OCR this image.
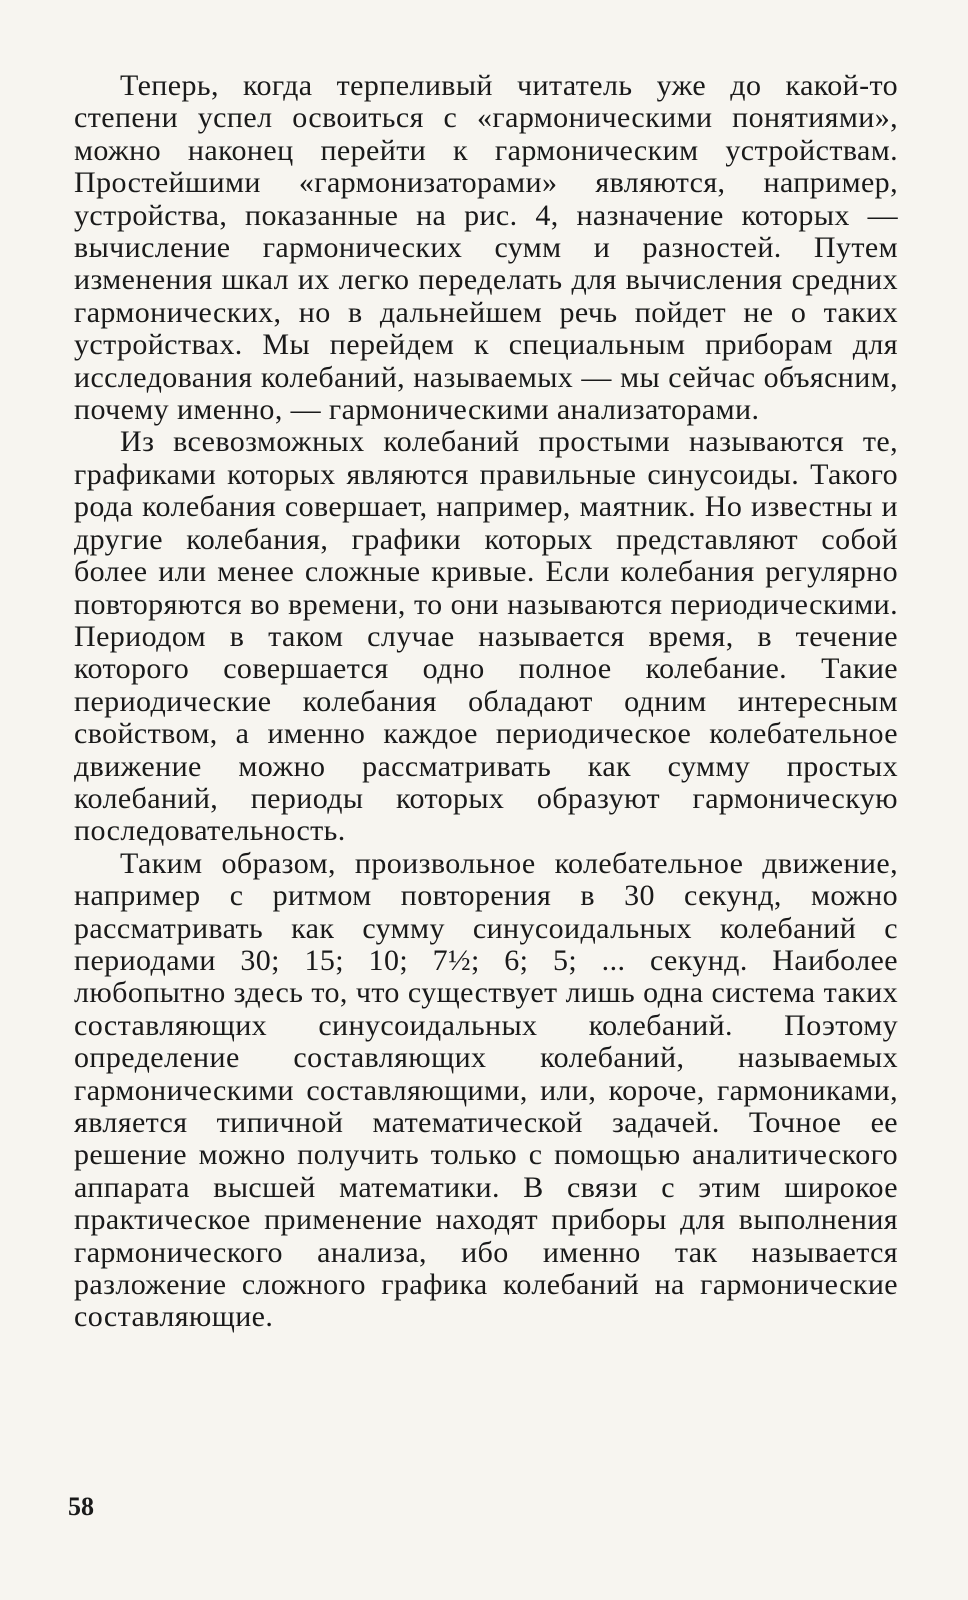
Теперь, когда терпеливый читатель уже до какой-то степени успел освоиться с «гармоническими понятиями», можно наконец перейти к гармоническим устройствам. Простейшими «гармонизаторами» являются, например, устройства, показанные на рис. 4, назначение которых — вычисление гармонических сумм и разностей. Путем изменения шкал их легко переделать для вычисления средних гармонических, но в дальнейшем речь пойдет не о таких устройствах. Мы перейдем к специальным приборам для исследования колебаний, называемых — мы сейчас объясним, почему именно, — гармоническими анализаторами.

Из всевозможных колебаний простыми называются те, графиками которых являются правильные синусоиды. Такого рода колебания совершает, например, маятник. Но известны и другие колебания, графики которых представляют собой более или менее сложные кривые. Если колебания регулярно повторяются во времени, то они называются периодическими. Периодом в таком случае называется время, в течение которого совершается одно полное колебание. Такие периодические колебания обладают одним интересным свойством, а именно каждое периодическое колебательное движение можно рассматривать как сумму простых колебаний, периоды которых образуют гармоническую последовательность.

Таким образом, произвольное колебательное движение, например с ритмом повторения в 30 секунд, можно рассматривать как сумму синусоидальных колебаний с периодами 30; 15; 10; 7½; 6; 5; ... секунд. Наиболее любопытно здесь то, что существует лишь одна система таких составляющих синусоидальных колебаний. Поэтому определение составляющих колебаний, называемых гармоническими составляющими, или, короче, гармониками, является типичной математической задачей. Точное ее решение можно получить только с помощью аналитического аппарата высшей математики. В связи с этим широкое практическое применение находят приборы для выполнения гармонического анализа, ибо именно так называется разложение сложного графика колебаний на гармонические составляющие.

58
